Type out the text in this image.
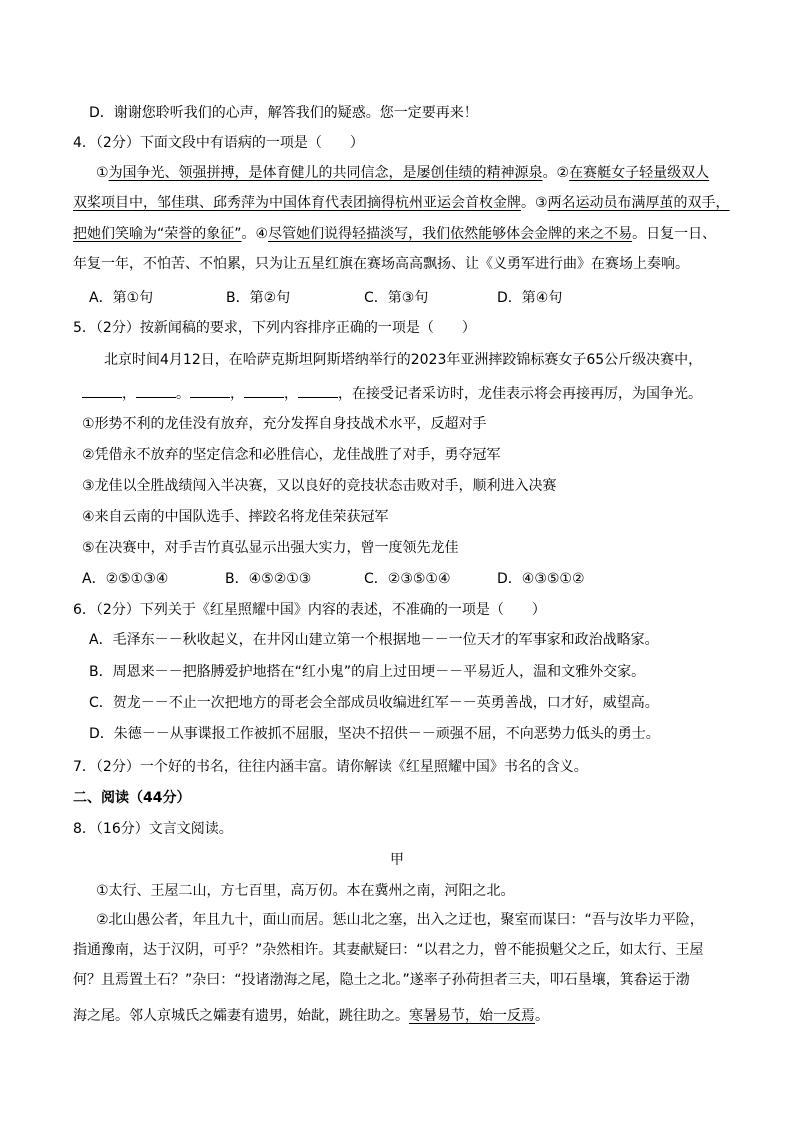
D．谢谢您聆听我们的心声，解答我们的疑惑。您一定要再来！
4．（2分）下面文段中有语病的一项是（　　）
①为国争光、领强拼搏，是体育健儿的共同信念，是屡创佳绩的精神源泉。②在赛艇女子轻量级双人
双桨项目中，邹佳琪、邱秀萍为中国体育代表团摘得杭州亚运会首枚金牌。③两名运动员布满厚茧的双手，
把她们笑喻为“荣誉的象征”。④尽管她们说得轻描淡写，我们依然能够体会金牌的来之不易。日复一日、
年复一年，不怕苦、不怕累，只为让五星红旗在赛场高高飘扬、让《义勇军进行曲》在赛场上奏响。
A．第①句	B．第②句	C．第③句	D．第④句
5．（2分）按新闻稿的要求，下列内容排序正确的一项是（　　）
北京时间4月12日，在哈萨克斯坦阿斯塔纳举行的2023年亚洲摔跤锦标赛女子65公斤级决赛中，
，	。	，	，	，在接受记者采访时，龙佳表示将会再接再厉，为国争光。
①形势不利的龙佳没有放弃，充分发挥自身技战术水平，反超对手
②凭借永不放弃的坚定信念和必胜信心，龙佳战胜了对手，勇夺冠军
③龙佳以全胜战绩闯入半决赛，又以良好的竞技状态击败对手，顺利进入决赛
④来自云南的中国队选手、摔跤名将龙佳荣获冠军
⑤在决赛中，对手吉竹真弘显示出强大实力，曾一度领先龙佳
A．②⑤①③④	B．④⑤②①③	C．②③⑤①④	D．④③⑤①②
6．（2分）下列关于《红星照耀中国》内容的表述，不准确的一项是（　　）
A．毛泽东－－秋收起义，在井冈山建立第一个根据地－－一位天才的军事家和政治战略家。
B．周恩来－－把胳膊爱护地搭在“红小鬼”的肩上过田埂－－平易近人，温和文雅外交家。
C．贺龙－－不止一次把地方的哥老会全部成员收编进红军－－英勇善战，口才好，威望高。
D．朱德－－从事谍报工作被抓不屈服，坚决不招供－－顽强不屈，不向恶势力低头的勇士。
7．（2分）一个好的书名，往往内涵丰富。请你解读《红星照耀中国》书名的含义。
二、阅读（44分）
8．（16分）文言文阅读。
甲
①太行、王屋二山，方七百里，高万仞。本在冀州之南，河阳之北。
②北山愚公者，年且九十，面山而居。惩山北之塞，出入之迂也，聚室而谋曰：“吾与汝毕力平险，
指通豫南，达于汉阴，可乎？”杂然相许。其妻献疑曰：“以君之力，曾不能损魁父之丘，如太行、王屋
何？且焉置土石？”杂曰：“投诸渤海之尾，隐土之北。”遂率子孙荷担者三夫，叩石垦壤，箕畚运于渤
海之尾。邻人京城氏之孀妻有遗男，始龀，跳往助之。寒暑易节，始一反焉。
